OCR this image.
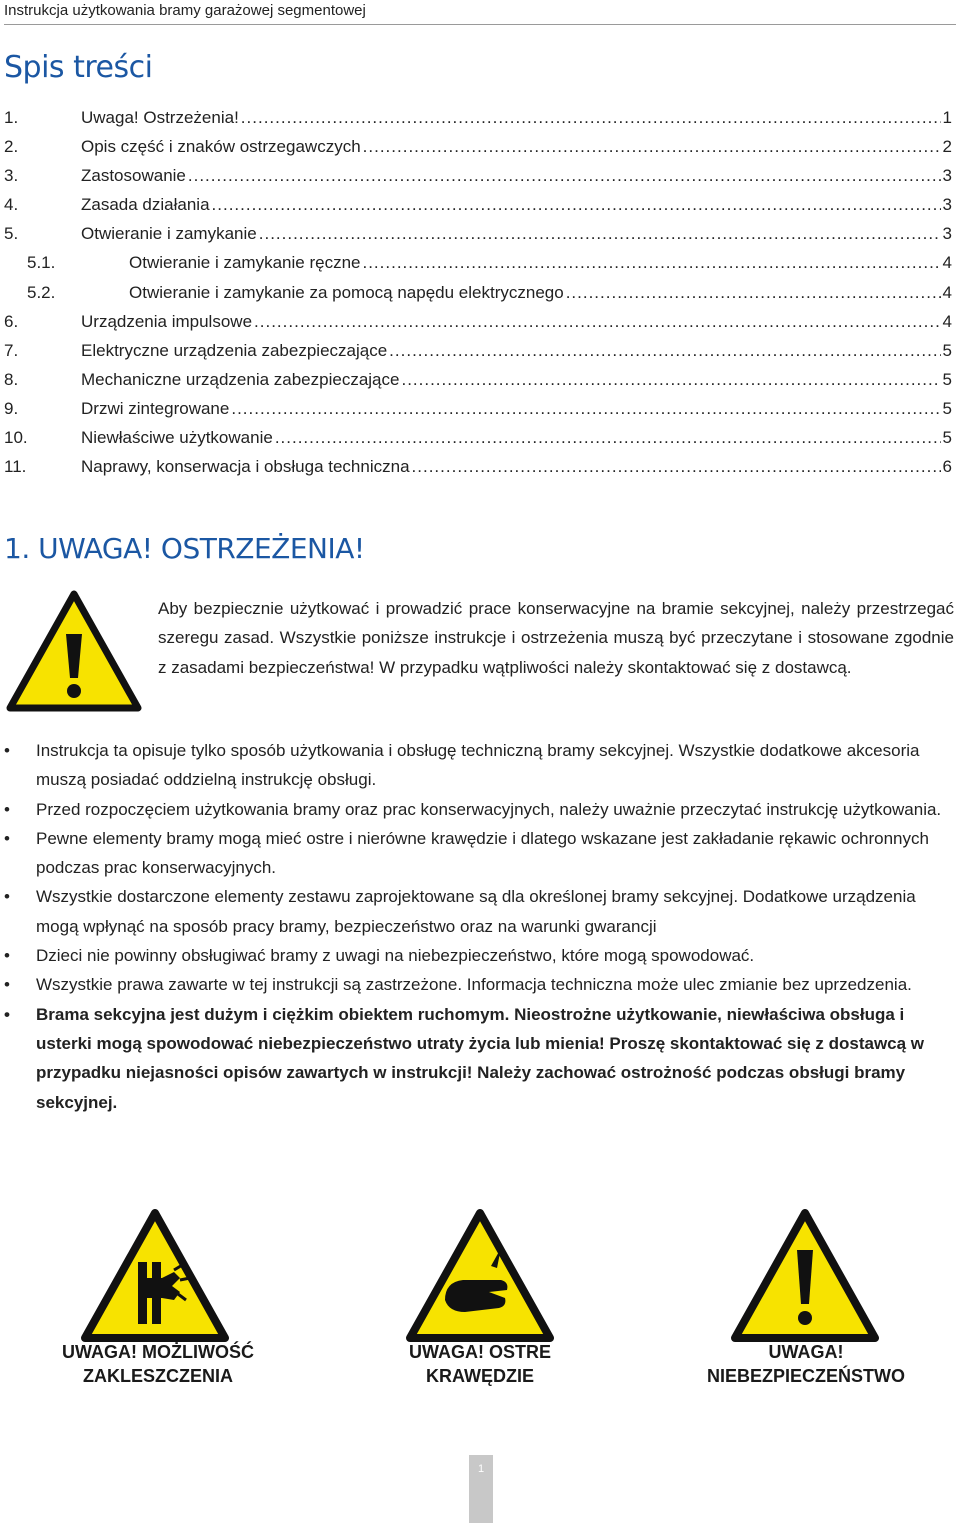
Instrukcja użytkowania bramy garażowej segmentowej
Spis treści
1.	Uwaga! Ostrzeżenia! .....	1
2.	Opis część i znaków ostrzegawczych .....	2
3.	Zastosowanie .....	3
4.	Zasada działania .....	3
5.	Otwieranie i zamykanie .....	3
5.1.	Otwieranie i zamykanie ręczne .....	4
5.2.	Otwieranie i zamykanie za pomocą napędu elektrycznego .....	4
6.	Urządzenia impulsowe .....	4
7.	Elektryczne urządzenia zabezpieczające .....	5
8.	Mechaniczne urządzenia zabezpieczające .....	5
9.	Drzwi zintegrowane .....	5
10.	Niewłaściwe użytkowanie .....	5
11.	Naprawy, konserwacja i obsługa techniczna .....	6
1. UWAGA! OSTRZEŻENIA!
Aby bezpiecznie użytkować i prowadzić prace konserwacyjne na bramie sekcyjnej, należy przestrzegać szeregu zasad. Wszystkie poniższe instrukcje i ostrzeżenia muszą być przeczytane i stosowane zgodnie z zasadami bezpieczeństwa! W przypadku wątpliwości należy skontaktować się z dostawcą.
• Instrukcja ta opisuje tylko sposób użytkowania i obsługę techniczną bramy sekcyjnej. Wszystkie dodatkowe akcesoria muszą posiadać oddzielną instrukcję obsługi.
• Przed rozpoczęciem użytkowania bramy oraz prac konserwacyjnych, należy uważnie przeczytać instrukcję użytkowania.
• Pewne elementy bramy mogą mieć ostre i nierówne krawędzie i dlatego wskazane jest zakładanie rękawic ochronnych podczas prac konserwacyjnych.
• Wszystkie dostarczone elementy zestawu zaprojektowane są dla określonej bramy sekcyjnej. Dodatkowe urządzenia mogą wpłynąć na sposób pracy bramy, bezpieczeństwo oraz na warunki gwarancji
• Dzieci nie powinny obsługiwać bramy z uwagi na niebezpieczeństwo, które mogą spowodować.
• Wszystkie prawa zawarte w tej instrukcji są zastrzeżone. Informacja techniczna może ulec zmianie bez uprzedzenia.
• Brama sekcyjna jest dużym i ciężkim obiektem ruchomym. Nieostrożne użytkowanie, niewłaściwa obsługa i usterki mogą spowodować niebezpieczeństwo utraty życia lub mienia! Proszę skontaktować się z dostawcą w przypadku niejasności opisów zawartych w instrukcji! Należy zachować ostrożność podczas obsługi bramy sekcyjnej.
UWAGA! MOŻLIWOŚĆ
ZAKLESZCZENIA
UWAGA! OSTRE
KRAWĘDZIE
UWAGA!
NIEBEZPIECZEŃSTWO
1
